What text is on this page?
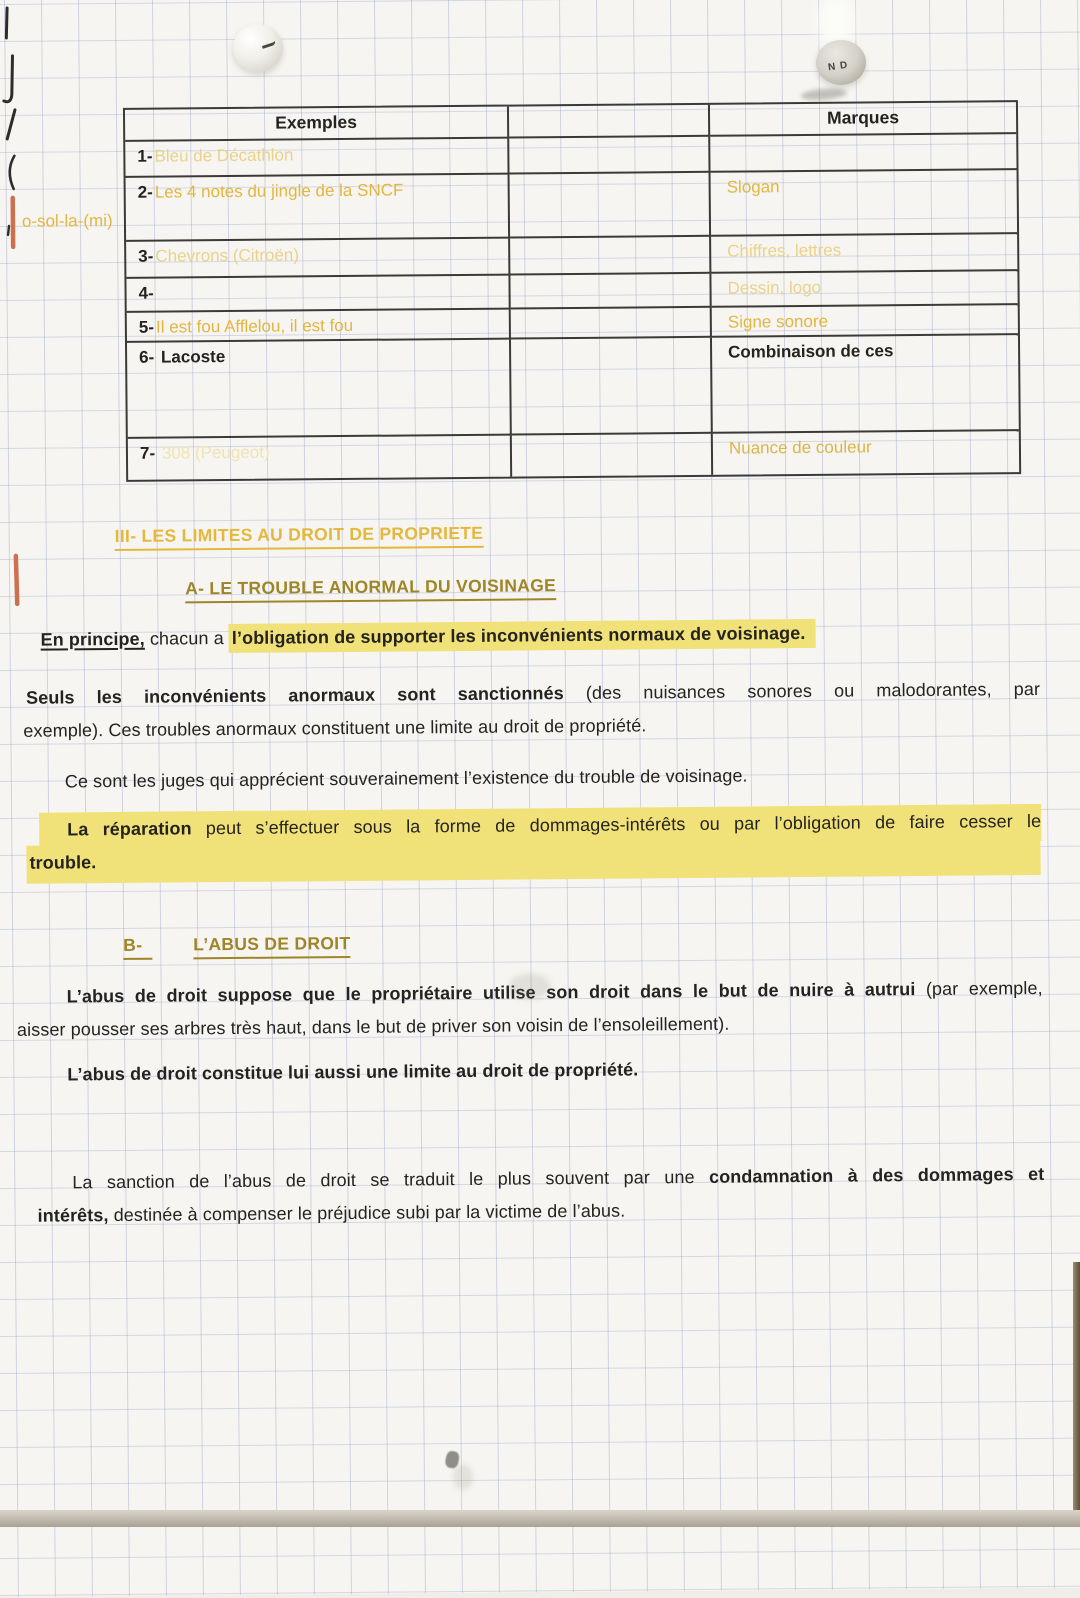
Exemples	Marques
1- Bleu de Décathlon
2- Les 4 notes du jingle de la SNCF	Slogan
3- Chevrons (Citroën)	Chiffres, lettres
4-	Dessin, logo
5- Il est fou Afflelou, il est fou	Signe sonore
6- Lacoste	Combinaison de ces
7- 308 (Peugeot)	Nuance de couleur
o-sol-la-(mi)
III- LES LIMITES AU DROIT DE PROPRIETE
A- LE TROUBLE ANORMAL DU VOISINAGE
B-	L’ABUS DE DROIT
En principe, chacun a l’obligation de supporter les inconvénients normaux de voisinage.
Seuls les inconvénients anormaux sont sanctionnés (des nuisances sonores ou malodorantes, par
exemple). Ces troubles anormaux constituent une limite au droit de propriété.
Ce sont les juges qui apprécient souverainement l’existence du trouble de voisinage.
La réparation peut s’effectuer sous la forme de dommages-intérêts ou par l’obligation de faire cesser le
trouble.
L’abus de droit suppose que le propriétaire utilise son droit dans le but de nuire à autrui (par exemple,
aisser pousser ses arbres très haut, dans le but de priver son voisin de l’ensoleillement).
L’abus de droit constitue lui aussi une limite au droit de propriété.
La sanction de l’abus de droit se traduit le plus souvent par une condamnation à des dommages et
intérêts, destinée à compenser le préjudice subi par la victime de l’abus.
N D
